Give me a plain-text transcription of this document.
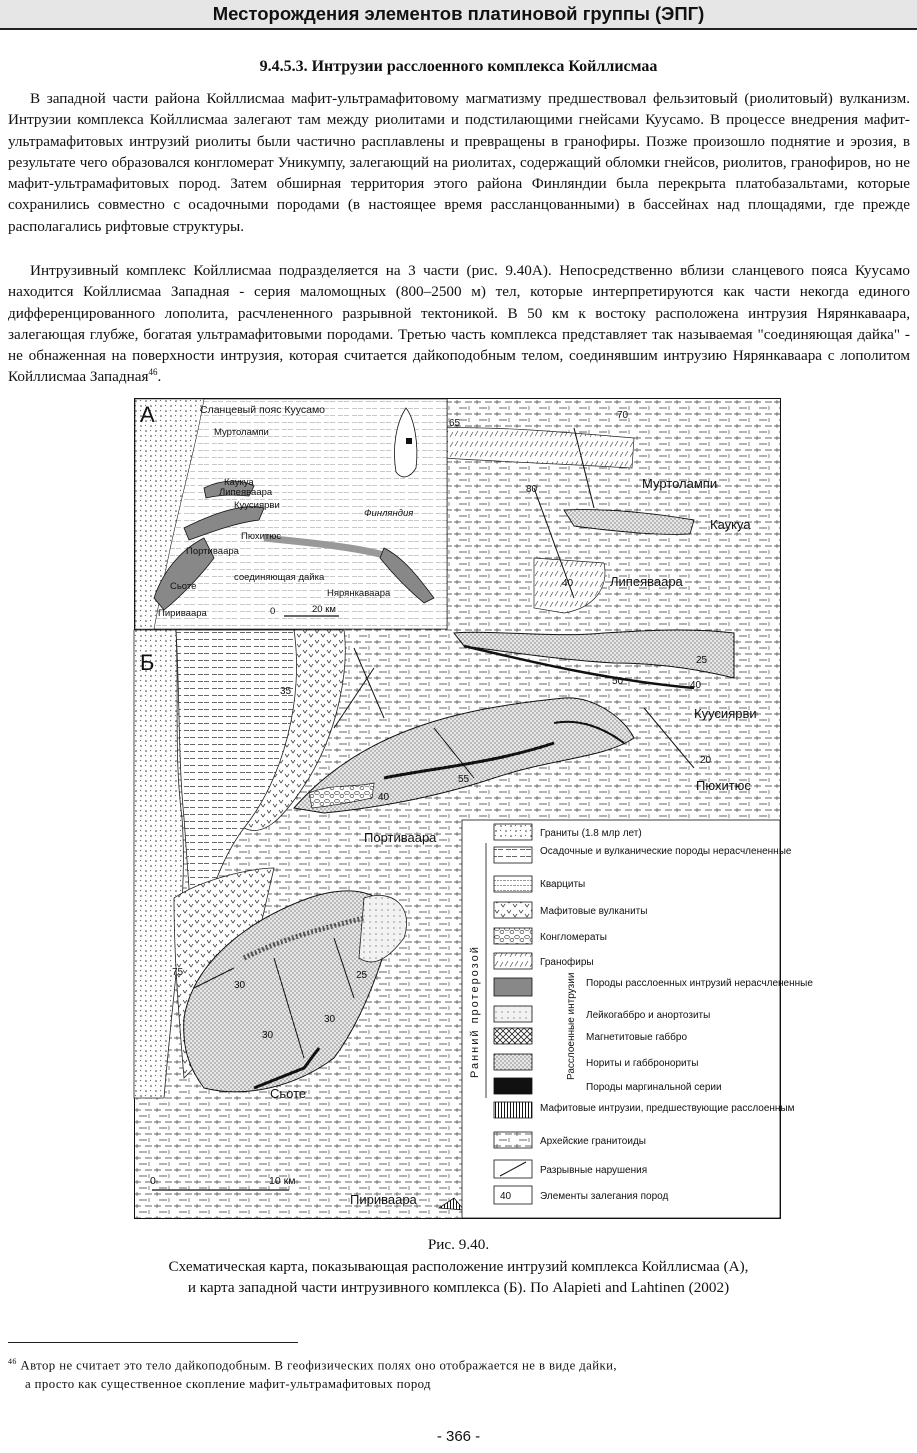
Месторождения элементов платиновой группы (ЭПГ)
9.4.5.3. Интрузии расслоенного комплекса Койллисмаа

В западной части района Койллисмаа мафит-ультрамафитовому магматизму предшествовал фельзитовый (риолитовый) вулканизм. Интрузии комплекса Койллисмаа залегают там между риолитами и подстилающими гнейсами Куусамо. В процессе внедрения мафит-ультрамафитовых интрузий риолиты были частично расплавлены и превращены в гранофиры. Позже произошло поднятие и эрозия, в результате чего образовался конгломерат Уникумпу, залегающий на риолитах, содержащий обломки гнейсов, риолитов, гранофиров, но не мафит-ультрамафитовых пород. Затем обширная территория этого района Финляндии была перекрыта платобазальтами, которые сохранились совместно с осадочными породами (в настоящее время рассланцованными) в бассейнах над площадями, где прежде располагались рифтовые структуры.

Интрузивный комплекс Койллисмаа подразделяется на 3 части (рис. 9.40А). Непосредственно вблизи сланцевого пояса Куусамо находится Койллисмаа Западная - серия маломощных (800–2500 м) тел, которые интерпретируются как части некогда единого дифференцированного лополита, расчлененного разрывной тектоникой. В 50 км к востоку расположена интрузия Нярянкаваара, залегающая глубже, богатая ультрамафитовыми породами. Третью часть комплекса представляет так называемая "соединяющая дайка" - не обнаженная на поверхности интрузия, которая считается дайкоподобным телом, соединявшим интрузию Нярянкаваара с лополитом Койллисмаа Западная$^{46}$.

А	Сланцевый пояс Куусамо
Муртолампи
Каукуа
Липеяваара
Куусиярви
Пюхитюс
Портиваара
Сьоте
соединяющая дайка
Нярянкаваара
Пириваара
Финляндия
0	20 км
Б
Муртолампи
Каукуа
Липеяваара
Куусиярви
Пюхитюс
Портиваара
Сьоте
Пириваара
0	10 км
65
70
80
40
25
50	40
20
55
40
35
75	25
30
30
30	Ранний протерозой	Расслоенные интрузии
40
Граниты (1.8 млр лет)
Осадочные и вулканические породы нерасчлененные
Кварциты
Мафитовые вулканиты
Конгломераты
Гранофиры
Породы расслоенных интрузий нерасчлененные
Лейкогаббро и анортозиты
Магнетитовые габбро
Нориты и габбронориты
Породы маргинальной серии
Мафитовые интрузии, предшествующие расслоенным
Архейские гранитоиды
Разрывные нарушения
Элементы залегания пород
Рис. 9.40.
Схематическая карта, показывающая расположение интрузий комплекса Койллисмаа (А),
и карта западной части интрузивного комплекса (Б). По Alapieti and Lahtinen (2002)
$^{46}$ Автор не считает это тело дайкоподобным. В геофизических полях оно отображается не в виде дайки,
а просто как существенное скопление мафит-ультрамафитовых пород
- 366 -
